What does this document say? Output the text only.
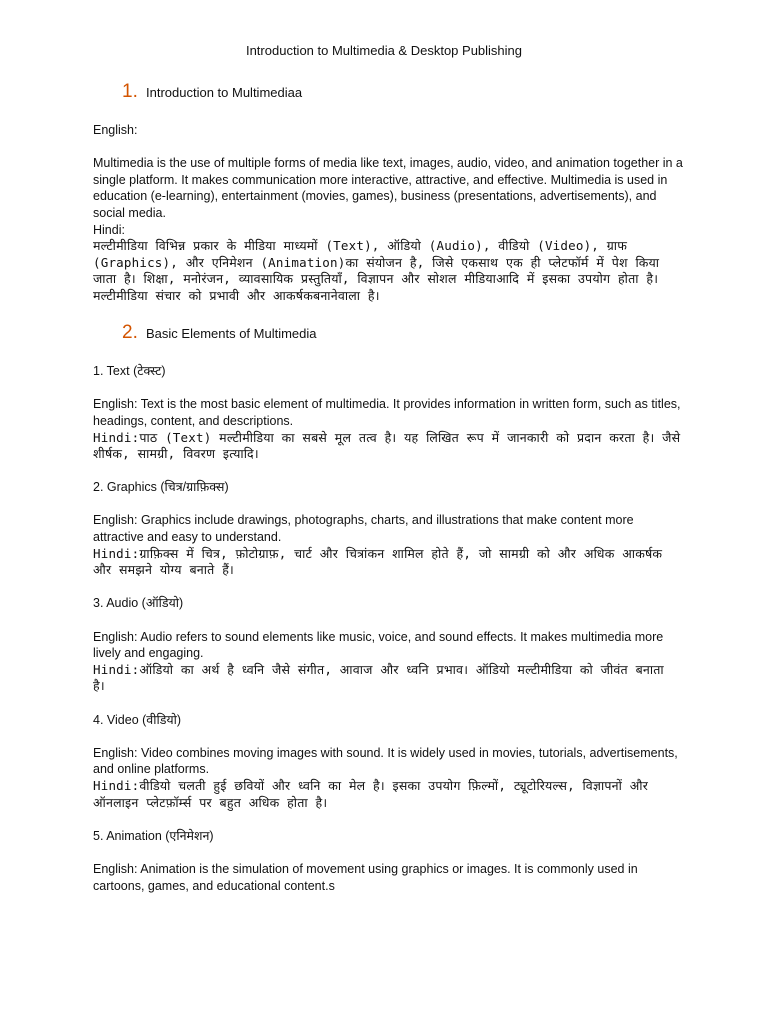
Introduction to Multimedia & Desktop Publishing
1. Introduction to Multimediaa

English:

Multimedia is the use of multiple forms of media like text, images, audio, video, and animation together in a single platform. It makes communication more interactive, attractive, and effective. Multimedia is used in education (e-learning), entertainment (movies, games), business (presentations, advertisements), and social media.

Hindi:

मल्टीमीडिया विभिन्न प्रकार के मीडिया माध्यमों (Text), ऑडियो (Audio), वीडियो (Video), ग्राफ (Graphics), और एनिमेशन (Animation)का संयोजन है, जिसे एकसाथ एक ही प्लेटफॉर्म में पेश किया जाता है। शिक्षा, मनोरंजन, व्यावसायिक प्रस्तुतियाँ, विज्ञापन और सोशल मीडियाआदि में इसका उपयोग होता है। मल्टीमीडिया संचार को प्रभावी और आकर्षकबनानेवाला है।

2. Basic Elements of Multimedia

1. Text (टेक्स्ट)

English: Text is the most basic element of multimedia. It provides information in written form, such as titles, headings, content, and descriptions.

Hindi:पाठ (Text) मल्टीमीडिया का सबसे मूल तत्व है। यह लिखित रूप में जानकारी को प्रदान करता है। जैसे शीर्षक, सामग्री, विवरण इत्यादि।

2. Graphics (चित्र/ग्राफ़िक्स)

English: Graphics include drawings, photographs, charts, and illustrations that make content more attractive and easy to understand.

Hindi:ग्राफ़िक्स में चित्र, फ़ोटोग्राफ़, चार्ट और चित्रांकन शामिल होते हैं, जो सामग्री को और अधिक आकर्षक और समझने योग्य बनाते हैं।

3. Audio (ऑडियो)

English: Audio refers to sound elements like music, voice, and sound effects. It makes multimedia more lively and engaging.

Hindi:ऑडियो का अर्थ है ध्वनि जैसे संगीत, आवाज और ध्वनि प्रभाव। ऑडियो मल्टीमीडिया को जीवंत बनाता है।

4. Video (वीडियो)

English: Video combines moving images with sound. It is widely used in movies, tutorials, advertisements, and online platforms.

Hindi:वीडियो चलती हुई छवियों और ध्वनि का मेल है। इसका उपयोग फ़िल्मों, ट्यूटोरियल्स, विज्ञापनों और ऑनलाइन प्लेटफ़ॉर्म्स पर बहुत अधिक होता है।

5. Animation (एनिमेशन)

English: Animation is the simulation of movement using graphics or images. It is commonly used in cartoons, games, and educational content.s
